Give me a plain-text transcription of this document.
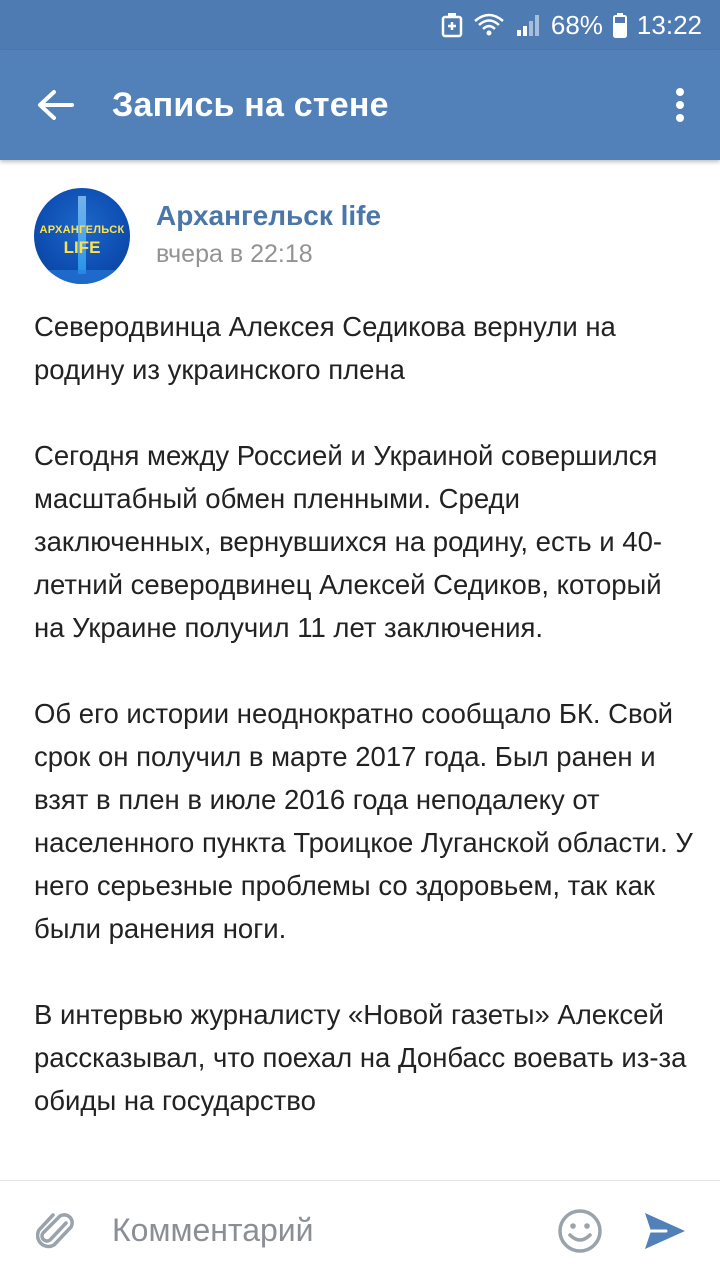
68% 13:22
Запись на стене
АРХАНГЕЛЬСК
LIFE
Архангельск life
вчера в 22:18

Северодвинца Алексея Седикова вернули на родину из украинского плена

Сегодня между Россией и Украиной совершился масштабный обмен пленными. Среди заключенных, вернувшихся на родину, есть и 40-летний северодвинец Алексей Седиков, который на Украине получил 11 лет заключения.

Об его истории неоднократно сообщало БК. Свой срок он получил в марте 2017 года. Был ранен и взят в плен в июле 2016 года неподалеку от населенного пункта Троицкое Луганской области. У него серьезные проблемы со здоровьем, так как были ранения ноги.

В интервью журналисту «Новой газеты» Алексей рассказывал, что поехал на Донбасс воевать из-за обиды на государство

Комментарий
